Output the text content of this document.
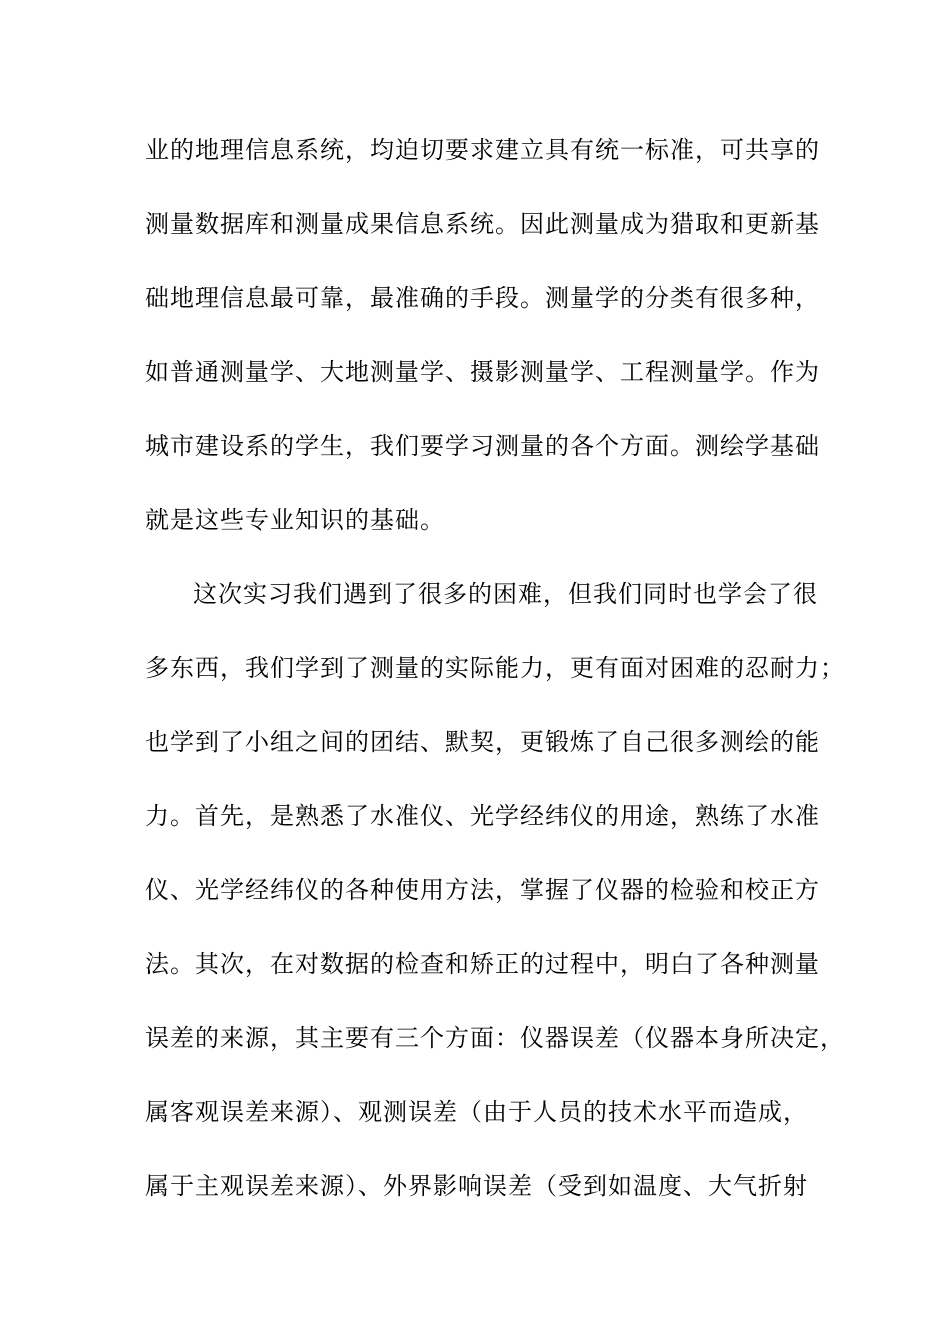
业的地理信息系统，均迫切要求建立具有统一标准，可共享的
测量数据库和测量成果信息系统。因此测量成为猎取和更新基
础地理信息最可靠，最准确的手段。测量学的分类有很多种，
如普通测量学、大地测量学、摄影测量学、工程测量学。作为
城市建设系的学生，我们要学习测量的各个方面。测绘学基础
就是这些专业知识的基础。
这次实习我们遇到了很多的困难，但我们同时也学会了很
多东西，我们学到了测量的实际能力，更有面对困难的忍耐力；
也学到了小组之间的团结、默契，更锻炼了自己很多测绘的能
力。首先，是熟悉了水准仪、光学经纬仪的用途，熟练了水准
仪、光学经纬仪的各种使用方法，掌握了仪器的检验和校正方
法。其次，在对数据的检查和矫正的过程中，明白了各种测量
误差的来源，其主要有三个方面：仪器误差（仪器本身所决定，
属客观误差来源）、观测误差（由于人员的技术水平而造成，
属于主观误差来源）、外界影响误差（受到如温度、大气折射
